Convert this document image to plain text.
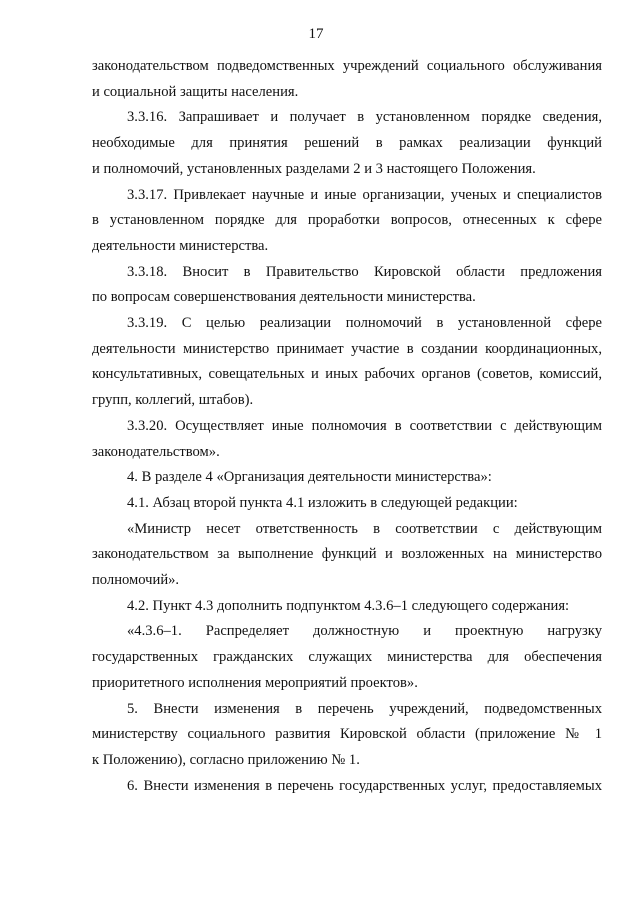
17
законодательством подведомственных учреждений социального обслуживания
и социальной защиты населения.
3.3.16. Запрашивает и получает в установленном порядке сведения,
необходимые для принятия решений в рамках реализации функций
и полномочий, установленных разделами 2 и 3 настоящего Положения.
3.3.17. Привлекает научные и иные организации, ученых и специалистов
в установленном порядке для проработки вопросов, отнесенных к сфере
деятельности министерства.
3.3.18. Вносит в Правительство Кировской области предложения
по вопросам совершенствования деятельности министерства.
3.3.19. С целью реализации полномочий в установленной сфере
деятельности министерство принимает участие в создании координационных,
консультативных, совещательных и иных рабочих органов (советов, комиссий,
групп, коллегий, штабов).
3.3.20. Осуществляет иные полномочия в соответствии с действующим
законодательством».
4. В разделе 4 «Организация деятельности министерства»:
4.1. Абзац второй пункта 4.1 изложить в следующей редакции:
«Министр несет ответственность в соответствии с действующим
законодательством за выполнение функций и возложенных на министерство
полномочий».
4.2. Пункт 4.3 дополнить подпунктом 4.3.6–1 следующего содержания:
«4.3.6–1. Распределяет должностную и проектную нагрузку
государственных гражданских служащих министерства для обеспечения
приоритетного исполнения мероприятий проектов».
5. Внести изменения в перечень учреждений, подведомственных
министерству социального развития Кировской области (приложение № 1
к Положению), согласно приложению № 1.
6. Внести изменения в перечень государственных услуг, предоставляемых
